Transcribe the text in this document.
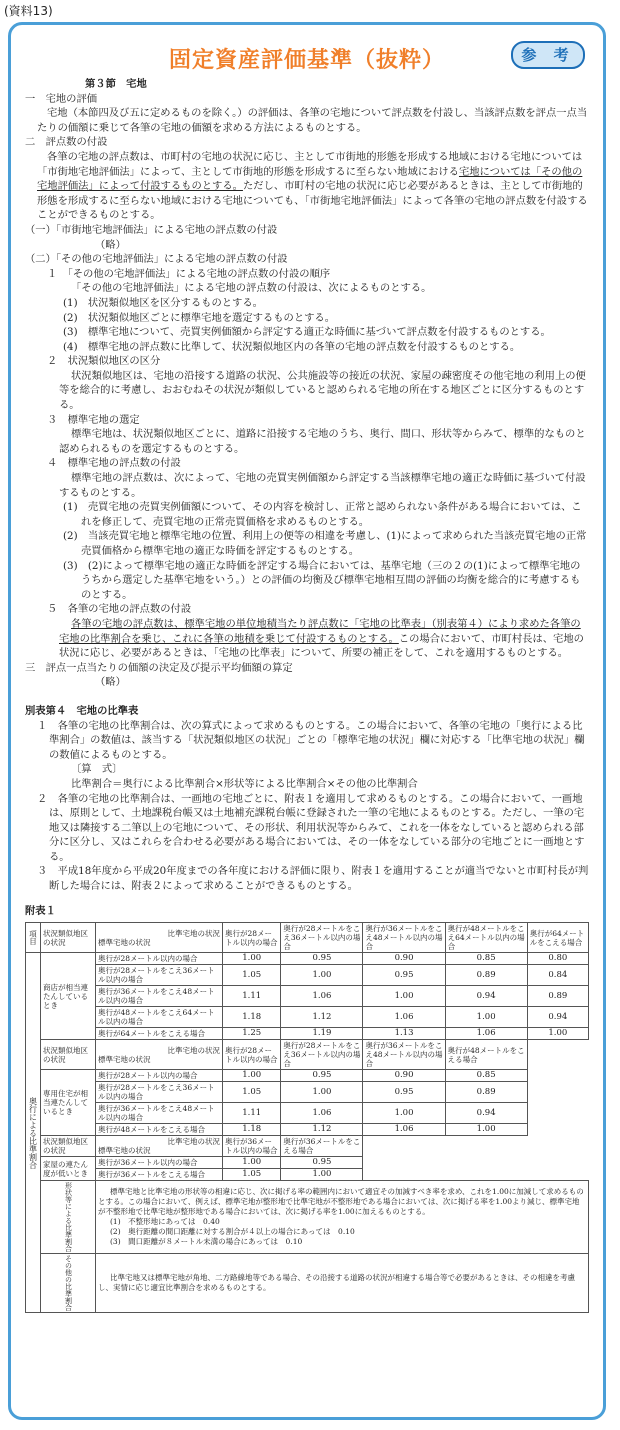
(資料13)
固定資産評価基準（抜粋）	参 考

第３節　宅地

一　宅地の評価

宅地（本節四及び五に定めるものを除く。）の評価は、各筆の宅地について評点数を付設し、当該評点数を評点一点当たりの価額に乗じて各筆の宅地の価額を求める方法によるものとする。

二　評点数の付設

各筆の宅地の評点数は、市町村の宅地の状況に応じ、主として市街地的形態を形成する地域における宅地については「市街地宅地評価法」によって、主として市街地的形態を形成するに至らない地域における宅地については「その他の宅地評価法」によって付設するものとする。ただし、市町村の宅地の状況に応じ必要があるときは、主として市街地的形態を形成するに至らない地域における宅地についても、「市街地宅地評価法」によって各筆の宅地の評点数を付設することができるものとする。

（一）「市街地宅地評価法」による宅地の評点数の付設

（略）

（二）「その他の宅地評価法」による宅地の評点数の付設

１　「その他の宅地評価法」による宅地の評点数の付設の順序

「その他の宅地評価法」による宅地の評点数の付設は、次によるものとする。

(1)　状況類似地区を区分するものとする。

(2)　状況類似地区ごとに標準宅地を選定するものとする。

(3)　標準宅地について、売買実例価額から評定する適正な時価に基づいて評点数を付設するものとする。

(4)　標準宅地の評点数に比準して、状況類似地区内の各筆の宅地の評点数を付設するものとする。

２　状況類似地区の区分

状況類似地区は、宅地の沿接する道路の状況、公共施設等の接近の状況、家屋の疎密度その他宅地の利用上の便等を総合的に考慮し、おおむねその状況が類似していると認められる宅地の所在する地区ごとに区分するものとする。

３　標準宅地の選定

標準宅地は、状況類似地区ごとに、道路に沿接する宅地のうち、奥行、間口、形状等からみて、標準的なものと認められるものを選定するものとする。

４　標準宅地の評点数の付設

標準宅地の評点数は、次によって、宅地の売買実例価額から評定する当該標準宅地の適正な時価に基づいて付設するものとする。

(1)　売買宅地の売買実例価額について、その内容を検討し、正常と認められない条件がある場合においては、これを修正して、売買宅地の正常売買価格を求めるものとする。

(2)　当該売買宅地と標準宅地の位置、利用上の便等の相違を考慮し、(1)によって求められた当該売買宅地の正常売買価格から標準宅地の適正な時価を評定するものとする。

(3)　(2)によって標準宅地の適正な時価を評定する場合においては、基準宅地（三の２の(1)によって標準宅地のうちから選定した基準宅地をいう。）との評価の均衡及び標準宅地相互間の評価の均衡を総合的に考慮するものとする。

５　各筆の宅地の評点数の付設

各筆の宅地の評点数は、標準宅地の単位地積当たり評点数に「宅地の比準表」（別表第４）により求めた各筆の宅地の比準割合を乗じ、これに各筆の地積を乗じて付設するものとする。この場合において、市町村長は、宅地の状況に応じ、必要があるときは、「宅地の比準表」について、所要の補正をして、これを適用するものとする。

三　評点一点当たりの価額の決定及び提示平均価額の算定

（略）

別表第４　宅地の比準表

１　各筆の宅地の比準割合は、次の算式によって求めるものとする。この場合において、各筆の宅地の「奥行による比準割合」の数値は、該当する「状況類似地区の状況」ごとの「標準宅地の状況」欄に対応する「比準宅地の状況」欄の数値によるものとする。

〔算　式〕

比準割合＝奥行による比準割合×形状等による比準割合×その他の比準割合

２　各筆の宅地の比準割合は、一画地の宅地ごとに、附表１を適用して求めるものとする。この場合において、一画地は、原則として、土地課税台帳又は土地補充課税台帳に登録された一筆の宅地によるものとする。ただし、一筆の宅地又は隣接する二筆以上の宅地について、その形状、利用状況等からみて、これを一体をなしていると認められる部分に区分し、又はこれらを合わせる必要がある場合においては、その一体をなしている部分の宅地ごとに一画地とする。

３　平成18年度から平成20年度までの各年度における評価に限り、附表１を適用することが適当でないと市町村長が判断した場合には、附表２によって求めることができるものとする。

附表１

項目	状況類似地区の状況	比準宅地の状況
標準宅地の状況	奥行が28メートル以内の場合	奥行が28メートルをこえ36メートル以内の場合	奥行が36メートルをこえ48メートル以内の場合	奥行が48メートルをこえ64メートル以内の場合	奥行が64メートルをこえる場合
奥行による比準割合	商店が相当連たんしているとき	奥行が28メートル以内の場合	1.00	0.95	0.90	0.85	0.80
		奥行が28メートルをこえ36メートル以内の場合	1.05	1.00	0.95	0.89	0.84
		奥行が36メートルをこえ48メートル以内の場合	1.11	1.06	1.00	0.94	0.89
		奥行が48メートルをこえ64メートル以内の場合	1.18	1.12	1.06	1.00	0.94
		奥行が64メートルをこえる場合	1.25	1.19	1.13	1.06	1.00
	状況類似地区の状況	比準宅地の状況
標準宅地の状況	奥行が28メートル以内の場合	奥行が28メートルをこえ36メートル以内の場合	奥行が36メートルをこえ48メートル以内の場合	奥行が48メートルをこえる場合	
	専用住宅が相当連たんしているとき	奥行が28メートル以内の場合	1.00	0.95	0.90	0.85	
		奥行が28メートルをこえ36メートル以内の場合	1.05	1.00	0.95	0.89	
		奥行が36メートルをこえ48メートル以内の場合	1.11	1.06	1.00	0.94	
		奥行が48メートルをこえる場合	1.18	1.12	1.06	1.00	
	状況類似地区の状況	比準宅地の状況
標準宅地の状況	奥行が36メートル以内の場合	奥行が36メートルをこえる場合			
	家屋の連たん度が低いとき	奥行が36メートル以内の場合	1.00	0.95			
		奥行が36メートルをこえる場合	1.05	1.00			
	形状等による比準割合	標準宅地と比準宅地の形状等の相違に応じ、次に掲げる率の範囲内において適宜その加減すべき率を求め、これを1.00に加減して求めるものとする。この場合において、例えば、標準宅地が整形地で比準宅地が不整形地である場合においては、次に掲げる率を1.00より減じ、標準宅地が不整形地で比準宅地が整形地である場合においては、次に掲げる率を1.00に加えるものとする。
(1)　不整形地にあっては　0.40
(2)　奥行距離の間口距離に対する割合が４以上の場合にあっては　0.10
(3)　間口距離が８メートル未満の場合にあっては　0.10					

	その他の比準割合	比準宅地又は標準宅地が角地、二方路線地等である場合、その沿接する道路の状況が相違する場合等で必要があるときは、その相違を考慮し、実情に応じ適宜比準割合を求めるものとする。					
